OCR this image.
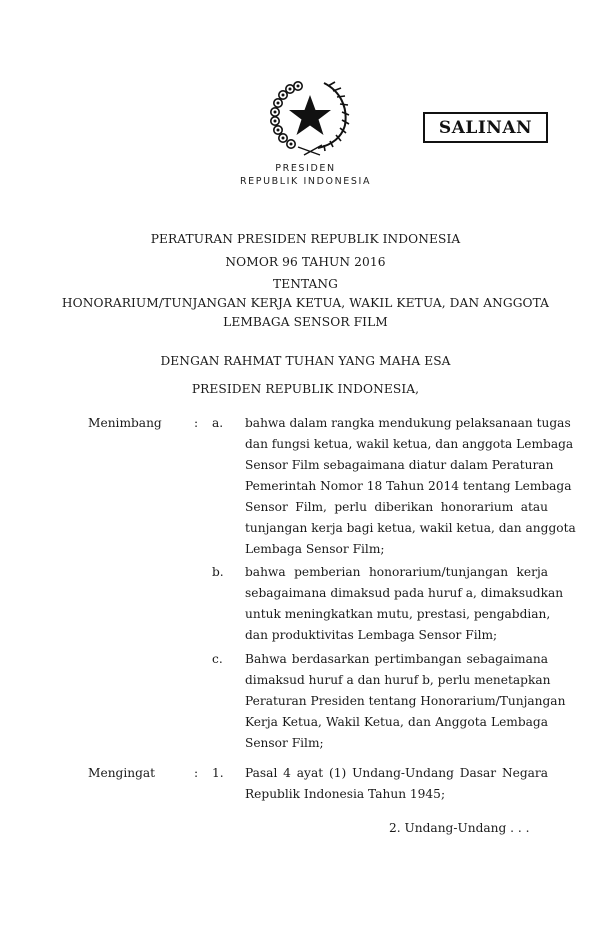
SALINAN
PRESIDEN
REPUBLIK INDONESIA
PERATURAN PRESIDEN REPUBLIK INDONESIA
NOMOR 96 TAHUN 2016
TENTANG
HONORARIUM/TUNJANGAN KERJA KETUA, WAKIL KETUA, DAN ANGGOTA
LEMBAGA SENSOR FILM
DENGAN RAHMAT TUHAN YANG MAHA ESA
PRESIDEN REPUBLIK INDONESIA,
Menimbang	: a. bahwa dalam rangka mendukung pelaksanaan tugas
dan fungsi ketua, wakil ketua, dan anggota Lembaga
Sensor Film sebagaimana diatur dalam Peraturan
Pemerintah Nomor 18 Tahun 2014 tentang Lembaga
Sensor Film, perlu diberikan honorarium atau
tunjangan kerja bagi ketua, wakil ketua, dan anggota
Lembaga Sensor Film;
b. bahwa pemberian honorarium/tunjangan kerja
sebagaimana dimaksud pada huruf a, dimaksudkan
untuk meningkatkan mutu, prestasi, pengabdian,
dan produktivitas Lembaga Sensor Film;
c. Bahwa berdasarkan pertimbangan sebagaimana
dimaksud huruf a dan huruf b, perlu menetapkan
Peraturan Presiden tentang Honorarium/Tunjangan
Kerja Ketua, Wakil Ketua, dan Anggota Lembaga
Sensor Film;
Mengingat	: 1. Pasal 4 ayat (1) Undang-Undang Dasar Negara
Republik Indonesia Tahun 1945;
2. Undang-Undang . . .
